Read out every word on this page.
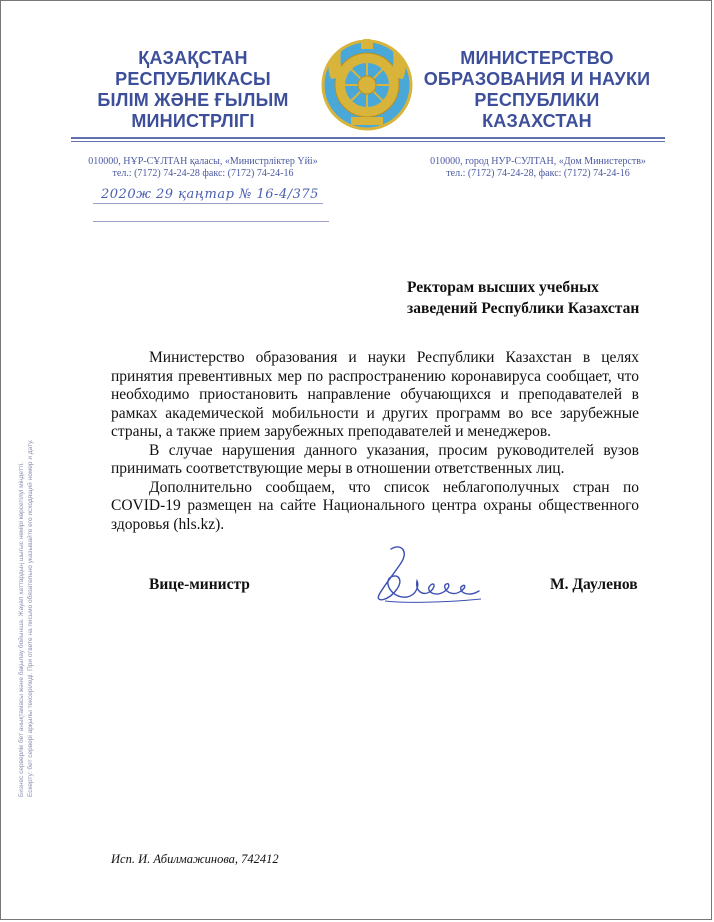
ҚАЗАҚСТАН
РЕСПУБЛИКАСЫ
БІЛІМ ЖӘНЕ ҒЫЛЫМ
МИНИСТРЛІГІ
МИНИСТЕРСТВО
ОБРАЗОВАНИЯ И НАУКИ
РЕСПУБЛИКИ
КАЗАХСТАН
010000, НҰР-СҰЛТАН қаласы, «Министрліктер Үйі»
тел.: (7172) 74-24-28 факс: (7172) 74-24-16
010000, город НУР-СУЛТАН, «Дом Министерств»
тел.: (7172) 74-24-28, факс: (7172) 74-24-16
2020ж 29 қаңтар № 16-4/375
Ректорам высших учебных
заведений Республики Казахстан

Министерство образования и науки Республики Казахстан в целях принятия превентивных мер по распространению коронавируса сообщает, что необходимо приостановить направление обучающихся и преподавателей в рамках академической мобильности и других программ во все зарубежные страны, а также прием зарубежных преподавателей и менеджеров.

В случае нарушения данного указания, просим руководителей вузов принимать соответствующие меры в отношении ответственных лиц.

Дополнительно сообщаем, что список неблагополучных стран по COVID-19 размещен на сайте Национального центра охраны общественного здоровья (hls.kz).

Вице-министр	М. Дауленов
Бизнес серверлік бет анықтамасы және бақылау бойынша. Жауап хаттардың шығыс нөмірі көрсетілуі міндетті. Ескерту: бет сервері арқылы тексеріледі. При ответе на письмо обязательно указывайте его исходящий номер и дату.
Исп. И. Абилмажинова, 742412
